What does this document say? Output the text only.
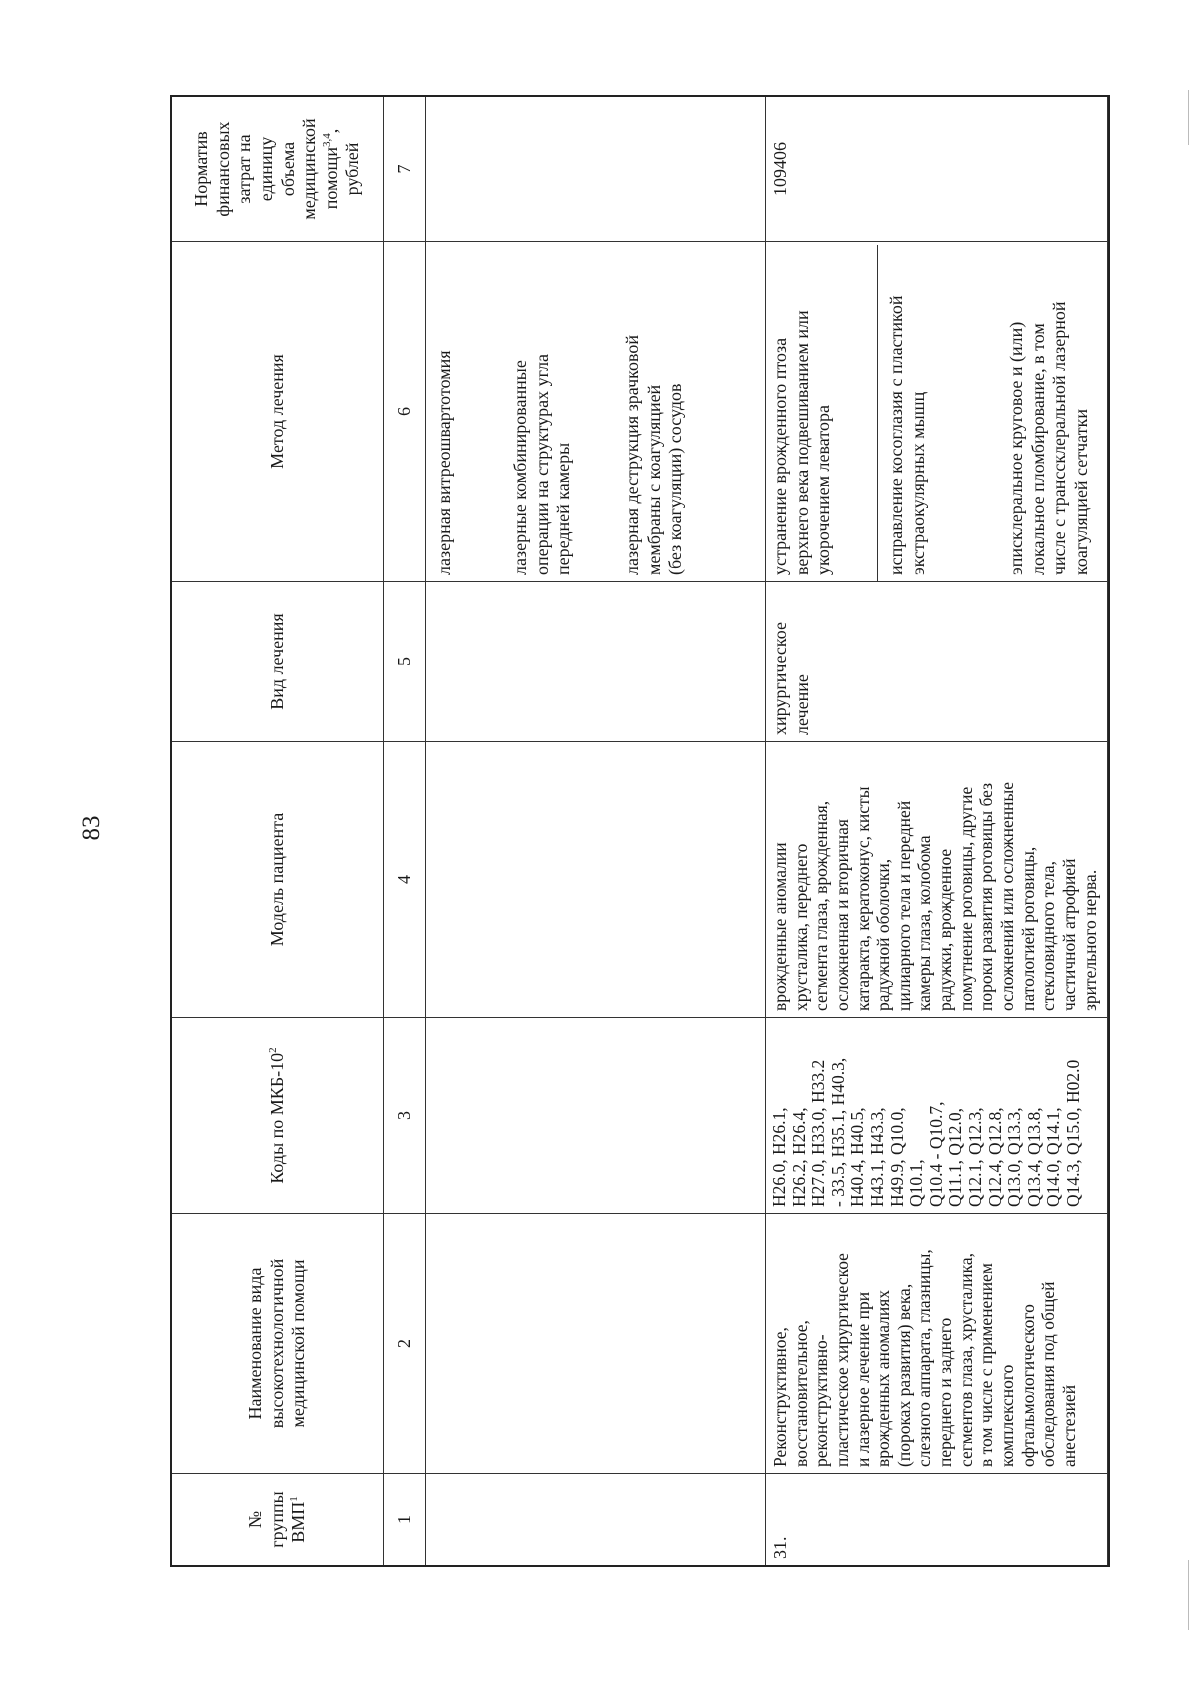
83
№
группы
ВМП$^1$
Наименование вида
высокотехнологичной
медицинской помощи
Коды по МКБ-$10^2$
Модель пациента
Вид лечения
Метод лечения
Норматив
финансовых
затрат на единицу
объема
медицинской
помощи$^{3,4}$, рублей
1
2
3
4
5
6
7
лазерная витреошвартотомия	лазерные комбинированные
операции на структурах угла
передней камеры
лазерная деструкция зрачковой
мембраны с коагуляцией
(без коагуляции) сосудов
31.
Реконструктивное,
восстановительное,
реконструктивно-
пластическое хирургическое
и лазерное лечение при
врожденных аномалиях
(пороках развития) века,
слезного аппарата, глазницы,
переднего и заднего
сегментов глаза, хрусталика,
в том числе с применением
комплексного
офтальмологического
обследования под общей
анестезией
H26.0, H26.1,
H26.2, H26.4,
H27.0, H33.0, H33.2
- 33.5, H35.1, H40.3,
H40.4, H40.5,
H43.1, H43.3,
H49.9, Q10.0,
Q10.1,
Q10.4 - Q10.7,
Q11.1, Q12.0,
Q12.1, Q12.3,
Q12.4, Q12.8,
Q13.0, Q13.3,
Q13.4, Q13.8,
Q14.0, Q14.1,
Q14.3, Q15.0, H02.0
врожденные аномалии
хрусталика, переднего
сегмента глаза, врожденная,
осложненная и вторичная
катаракта, кератоконус, кисты
радужной оболочки,
цилиарного тела и передней
камеры глаза, колобома
радужки, врожденное
помутнение роговицы, другие
пороки развития роговицы без
осложнений или осложненные
патологией роговицы,
стекловидного тела,
частичной атрофией
зрительного нерва.
хирургическое
лечение
устранение врожденного птоза
верхнего века подвешиванием или
укорочением леватора
исправление косоглазия с пластикой
экстраокулярных мышц
эписклеральное круговое и (или)
локальное пломбирование, в том
числе с транссклеральной лазерной
коагуляцией сетчатки
109406
